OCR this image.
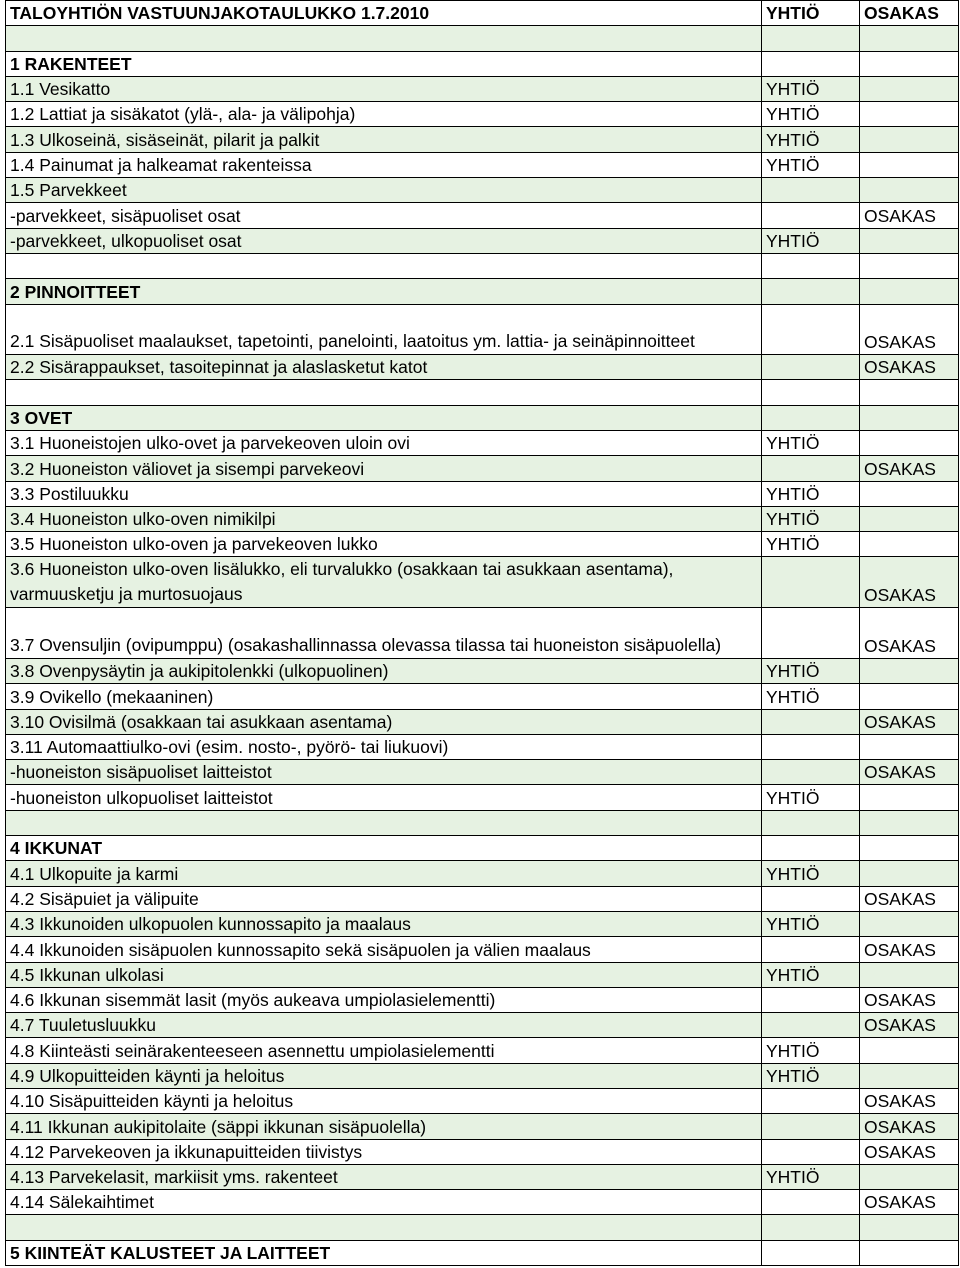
TALOYHTIÖN VASTUUNJAKOTAULUKKO 1.7.2010	YHTIÖ	OSAKAS

1 RAKENTEET		
1.1 Vesikatto	YHTIÖ	
1.2 Lattiat ja sisäkatot (ylä-, ala- ja välipohja)	YHTIÖ	
1.3 Ulkoseinä, sisäseinät, pilarit ja palkit	YHTIÖ	
1.4 Painumat ja halkeamat rakenteissa	YHTIÖ	
1.5 Parvekkeet		
-parvekkeet, sisäpuoliset osat		OSAKAS
-parvekkeet, ulkopuoliset osat	YHTIÖ	

2 PINNOITTEET		
2.1 Sisäpuoliset maalaukset, tapetointi, panelointi, laatoitus ym. lattia- ja seinäpinnoitteet		OSAKAS
2.2 Sisärappaukset, tasoitepinnat ja alaslasketut katot		OSAKAS

3 OVET		
3.1 Huoneistojen ulko-ovet ja parvekeoven uloin ovi	YHTIÖ	
3.2 Huoneiston väliovet ja sisempi parvekeovi		OSAKAS
3.3 Postiluukku	YHTIÖ	
3.4 Huoneiston ulko-oven nimikilpi	YHTIÖ	
3.5 Huoneiston ulko-oven ja parvekeoven lukko	YHTIÖ	
3.6 Huoneiston ulko-oven lisälukko, eli turvalukko (osakkaan tai asukkaan asentama), varmuusketju ja murtosuojaus		OSAKAS
3.7 Ovensuljin (ovipumppu) (osakashallinnassa olevassa tilassa tai huoneiston sisäpuolella)		OSAKAS
3.8 Ovenpysäytin ja aukipitolenkki (ulkopuolinen)	YHTIÖ	
3.9 Ovikello (mekaaninen)	YHTIÖ	
3.10 Ovisilmä (osakkaan tai asukkaan asentama)		OSAKAS
3.11 Automaattiulko-ovi (esim. nosto-, pyörö- tai liukuovi)		
-huoneiston sisäpuoliset laitteistot		OSAKAS
-huoneiston ulkopuoliset laitteistot	YHTIÖ	

4 IKKUNAT		
4.1 Ulkopuite ja karmi	YHTIÖ	
4.2 Sisäpuiet ja välipuite		OSAKAS
4.3 Ikkunoiden ulkopuolen kunnossapito ja maalaus	YHTIÖ	
4.4 Ikkunoiden sisäpuolen kunnossapito sekä sisäpuolen ja välien maalaus		OSAKAS
4.5 Ikkunan ulkolasi	YHTIÖ	
4.6 Ikkunan sisemmät lasit (myös aukeava umpiolasielementti)		OSAKAS
4.7 Tuuletusluukku		OSAKAS
4.8 Kiinteästi seinärakenteeseen asennettu umpiolasielementti	YHTIÖ	
4.9 Ulkopuitteiden käynti ja heloitus	YHTIÖ	
4.10 Sisäpuitteiden käynti ja heloitus		OSAKAS
4.11 Ikkunan aukipitolaite (säppi ikkunan sisäpuolella)		OSAKAS
4.12 Parvekeoven ja ikkunapuitteiden tiivistys		OSAKAS
4.13 Parvekelasit, markiisit yms. rakenteet	YHTIÖ	
4.14 Sälekaihtimet		OSAKAS

5 KIINTEÄT KALUSTEET JA LAITTEET		
